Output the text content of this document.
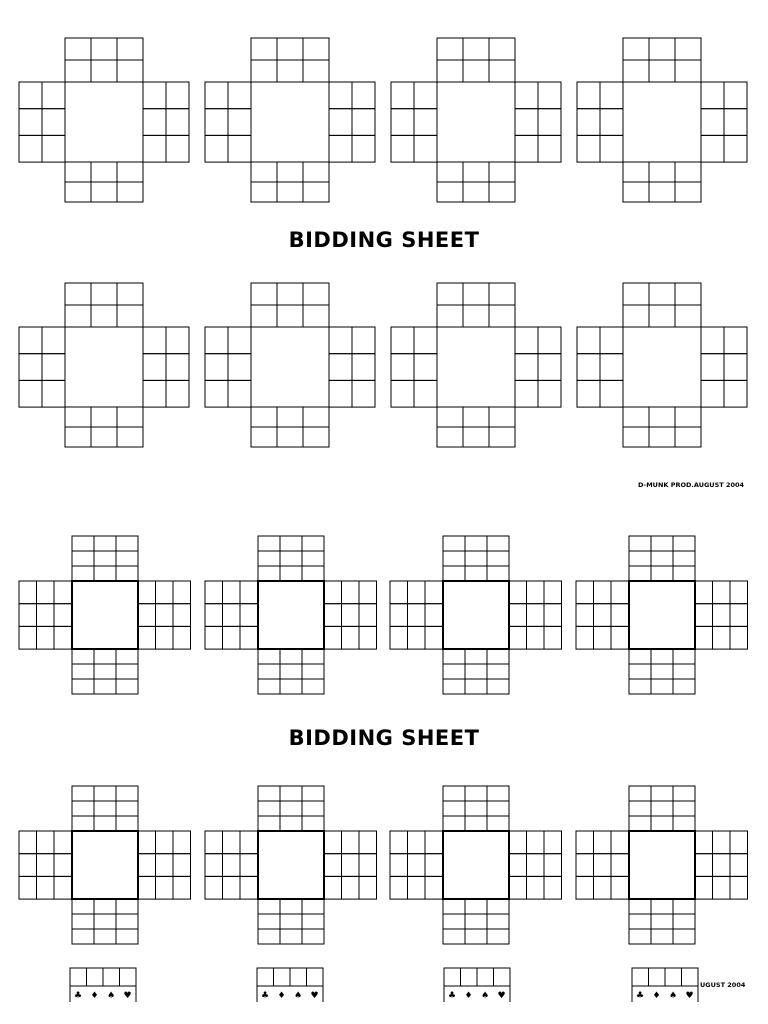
BIDDING SHEET
BIDDING SHEET
D-MUNK PROD.AUGUST 2004
UGUST 2004
♣ ♦ ♠ ♥	♣ ♦ ♠ ♥	♣ ♦ ♠ ♥	♣ ♦ ♠ ♥
